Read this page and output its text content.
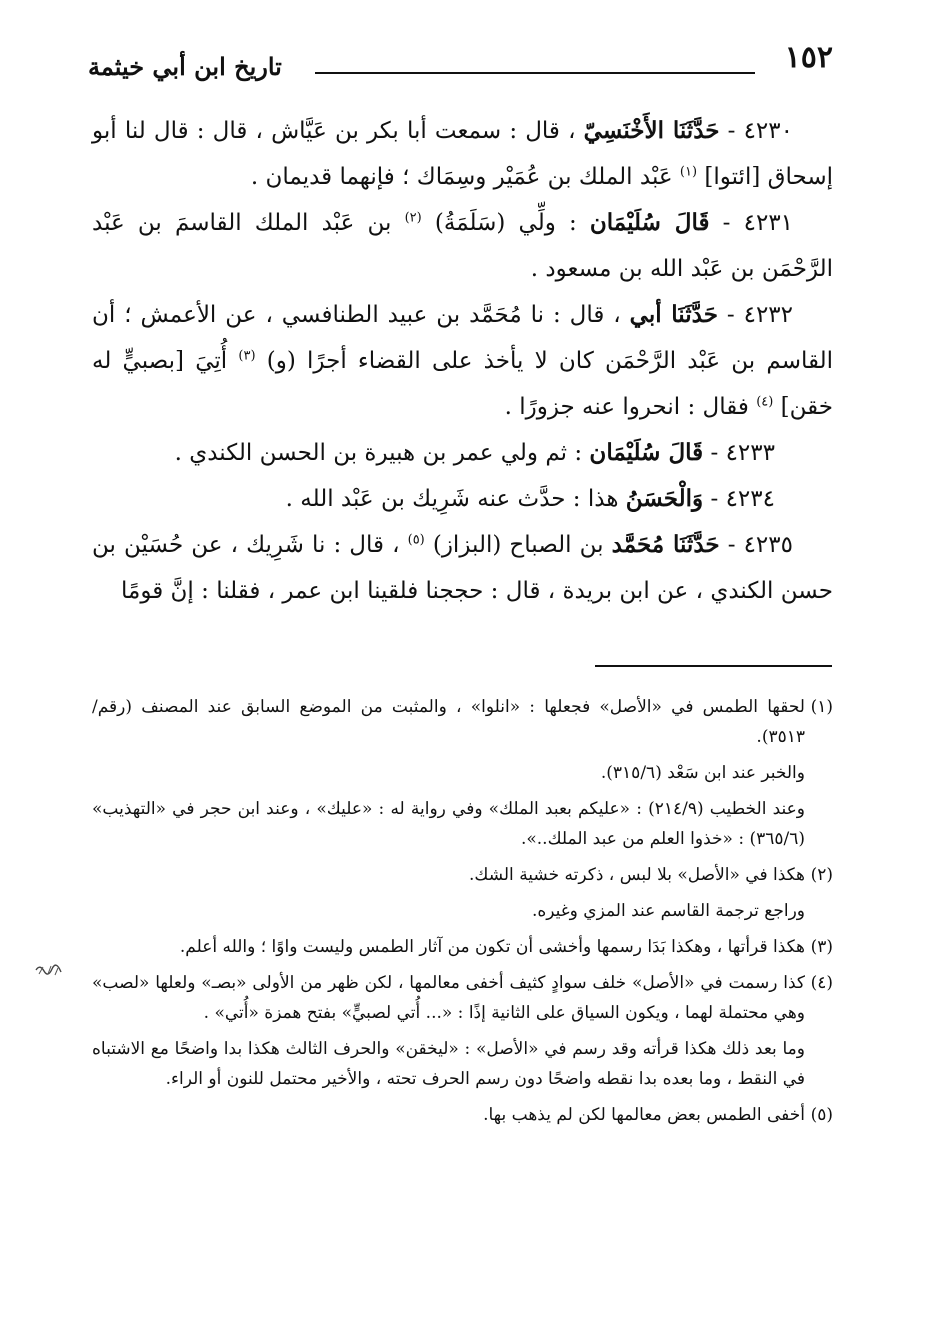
١٥٢
تاريخ ابن أبي خيثمة

٤٢٣٠ - حَدَّثَنَا الأَخْنَسِيّ ، قال : سمعت أبا بكر بن عَيَّاش ، قال : قال لنا أبو إسحاق [ائتوا] $^{(١)}$ عَبْد الملك بن عُمَيْر وسِمَاك ؛ فإنهما قديمان .

٤٢٣١ - قَالَ سُلَيْمَان : ولِّي (سَلَمَةُ) $^{(٢)}$ بن عَبْد الملك القاسمَ بن عَبْد الرَّحْمَن بن عَبْد الله بن مسعود .

٤٢٣٢ - حَدَّثَنَا أبي ، قال : نا مُحَمَّد بن عبيد الطنافسي ، عن الأعمش ؛ أن القاسم بن عَبْد الرَّحْمَن كان لا يأخذ على القضاء أجرًا (و) $^{(٣)}$ أُتِيَ [بصبيٍّ له خقن] $^{(٤)}$ فقال : انحروا عنه جزورًا .

٤٢٣٣ - قَالَ سُلَيْمَان : ثم ولي عمر بن هبيرة بن الحسن الكندي .

٤٢٣٤ - وَالْحَسَنُ هذا : حدَّث عنه شَرِيك بن عَبْد الله .

٤٢٣٥ - حَدَّثَنَا مُحَمَّد بن الصباح (البزاز) $^{(٥)}$ ، قال : نا شَرِيك ، عن حُسَيْن بن حسن الكندي ، عن ابن بريدة ، قال : حججنا فلقينا ابن عمر ، فقلنا : إنَّ قومًا

(١)لحقها الطمس في «الأصل» فجعلها : «انلوا» ، والمثبت من الموضع السابق عند المصنف (رقم/ ٣٥١٣).

والخبر عند ابن سَعْد (٣١٥/٦).

وعند الخطيب (٢١٤/٩) : «عليكم بعبد الملك» وفي رواية له : «عليك» ، وعند ابن حجر في «التهذيب» (٣٦٥/٦) : «خذوا العلم من عبد الملك..».

(٢)هكذا في «الأصل» بلا لبس ، ذكرته خشية الشك.

وراجع ترجمة القاسم عند المزي وغيره.

(٣)هكذا قرأتها ، وهكذا بَدَا رسمها وأخشى أن تكون من آثار الطمس وليست واوًا ؛ والله أعلم.

(٤)كذا رسمت في «الأصل» خلف سوادٍ كثيف أخفى معالمها ، لكن ظهر من الأولى «بصـ» ولعلها «لصب» وهي محتملة لهما ، ويكون السياق على الثانية إذًا : «... أُتي لصبيٍّ» بفتح همزة «أُتي» .

وما بعد ذلك هكذا قرأته وقد رسم في «الأصل» : «ليخقن» والحرف الثالث هكذا بدا واضحًا مع الاشتباه في النقط ، وما بعده بدا نقطه واضحًا دون رسم الحرف تحته ، والأخير محتمل للنون أو الراء.

(٥)أخفى الطمس بعض معالمها لكن لم يذهب بها.
